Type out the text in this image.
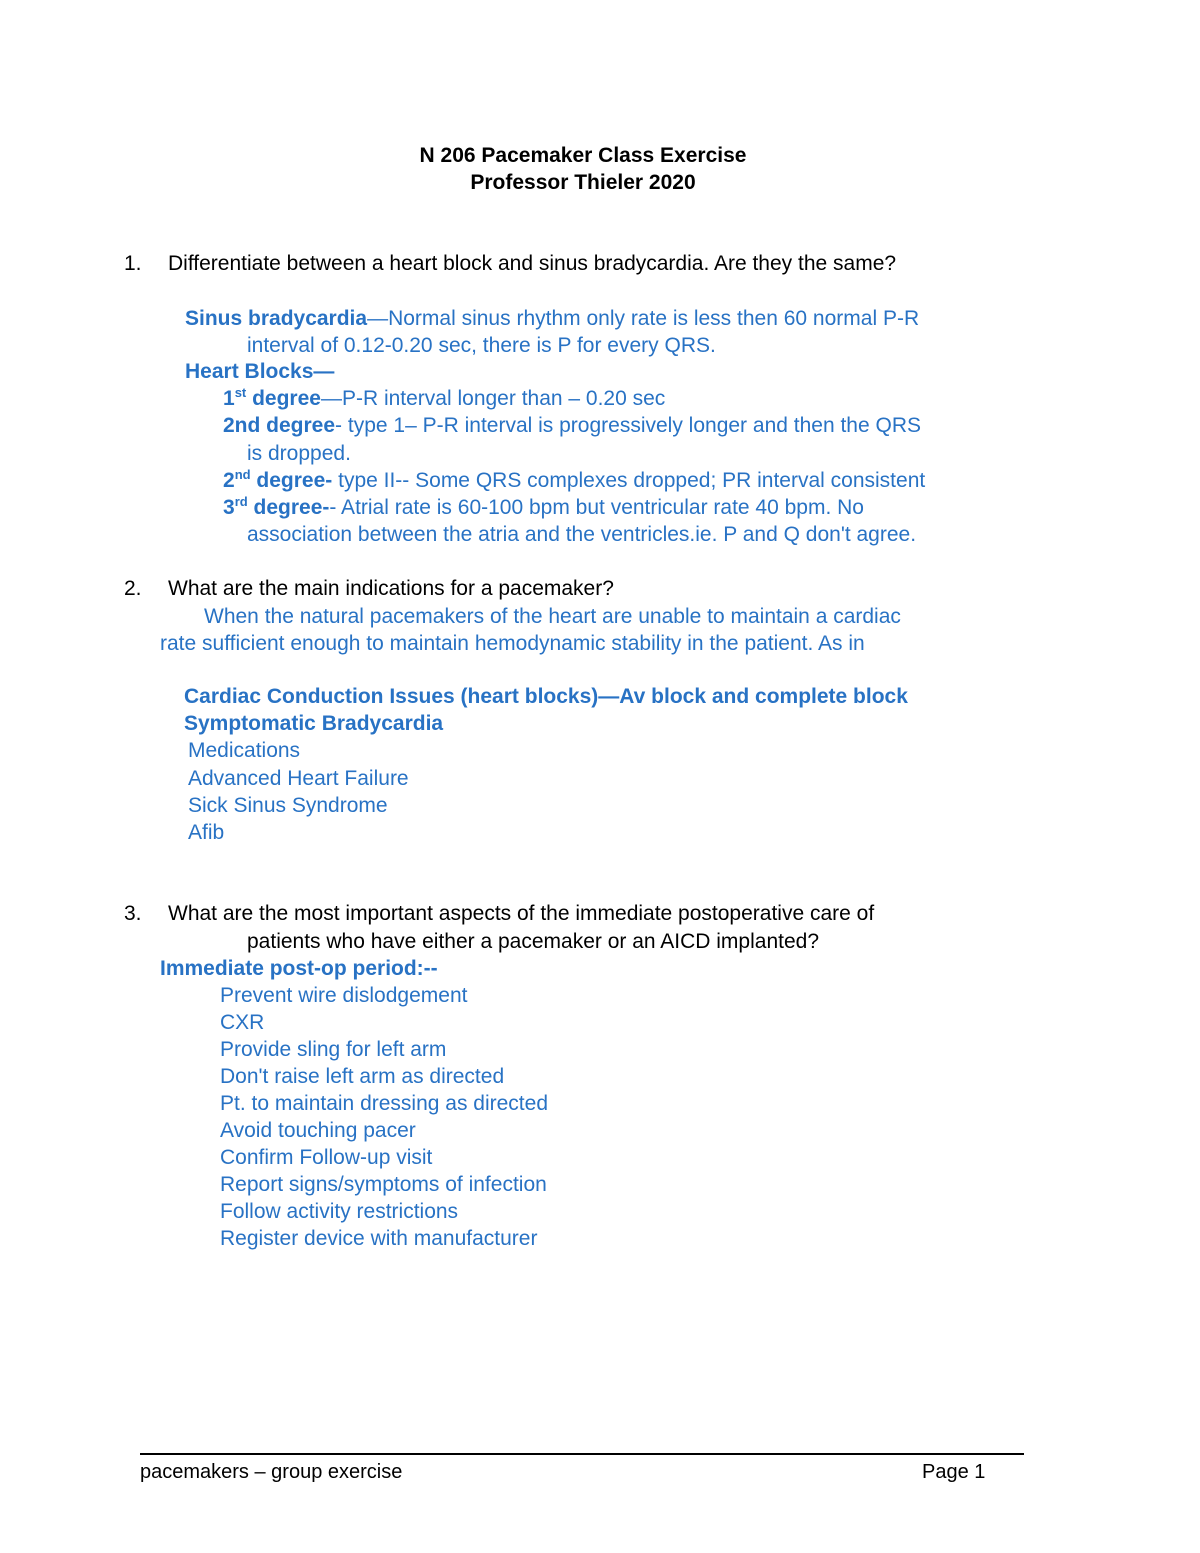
N 206 Pacemaker Class Exercise
Professor Thieler 2020
1. Differentiate between a heart block and sinus bradycardia. Are they the same?
Sinus bradycardia—Normal sinus rhythm only rate is less then 60 normal P-R
interval of 0.12-0.20 sec, there is P for every QRS.
Heart Blocks—
1st degree—P-R interval longer than – 0.20 sec
2nd degree- type 1– P-R interval is progressively longer and then the QRS
is dropped.
2nd degree- type II-- Some QRS complexes dropped; PR interval consistent
3rd degree-- Atrial rate is 60-100 bpm but ventricular rate 40 bpm. No
association between the atria and the ventricles.ie. P and Q don't agree.
2. What are the main indications for a pacemaker?
When the natural pacemakers of the heart are unable to maintain a cardiac
rate sufficient enough to maintain hemodynamic stability in the patient. As in
Cardiac Conduction Issues (heart blocks)—Av block and complete block
Symptomatic Bradycardia
Medications
Advanced Heart Failure
Sick Sinus Syndrome
Afib
3. What are the most important aspects of the immediate postoperative care of
patients who have either a pacemaker or an AICD implanted?
Immediate post-op period:--
Prevent wire dislodgement
CXR
Provide sling for left arm
Don't raise left arm as directed
Pt. to maintain dressing as directed
Avoid touching pacer
Confirm Follow-up visit
Report signs/symptoms of infection
Follow activity restrictions
Register device with manufacturer
pacemakers – group exercise	Page 1
